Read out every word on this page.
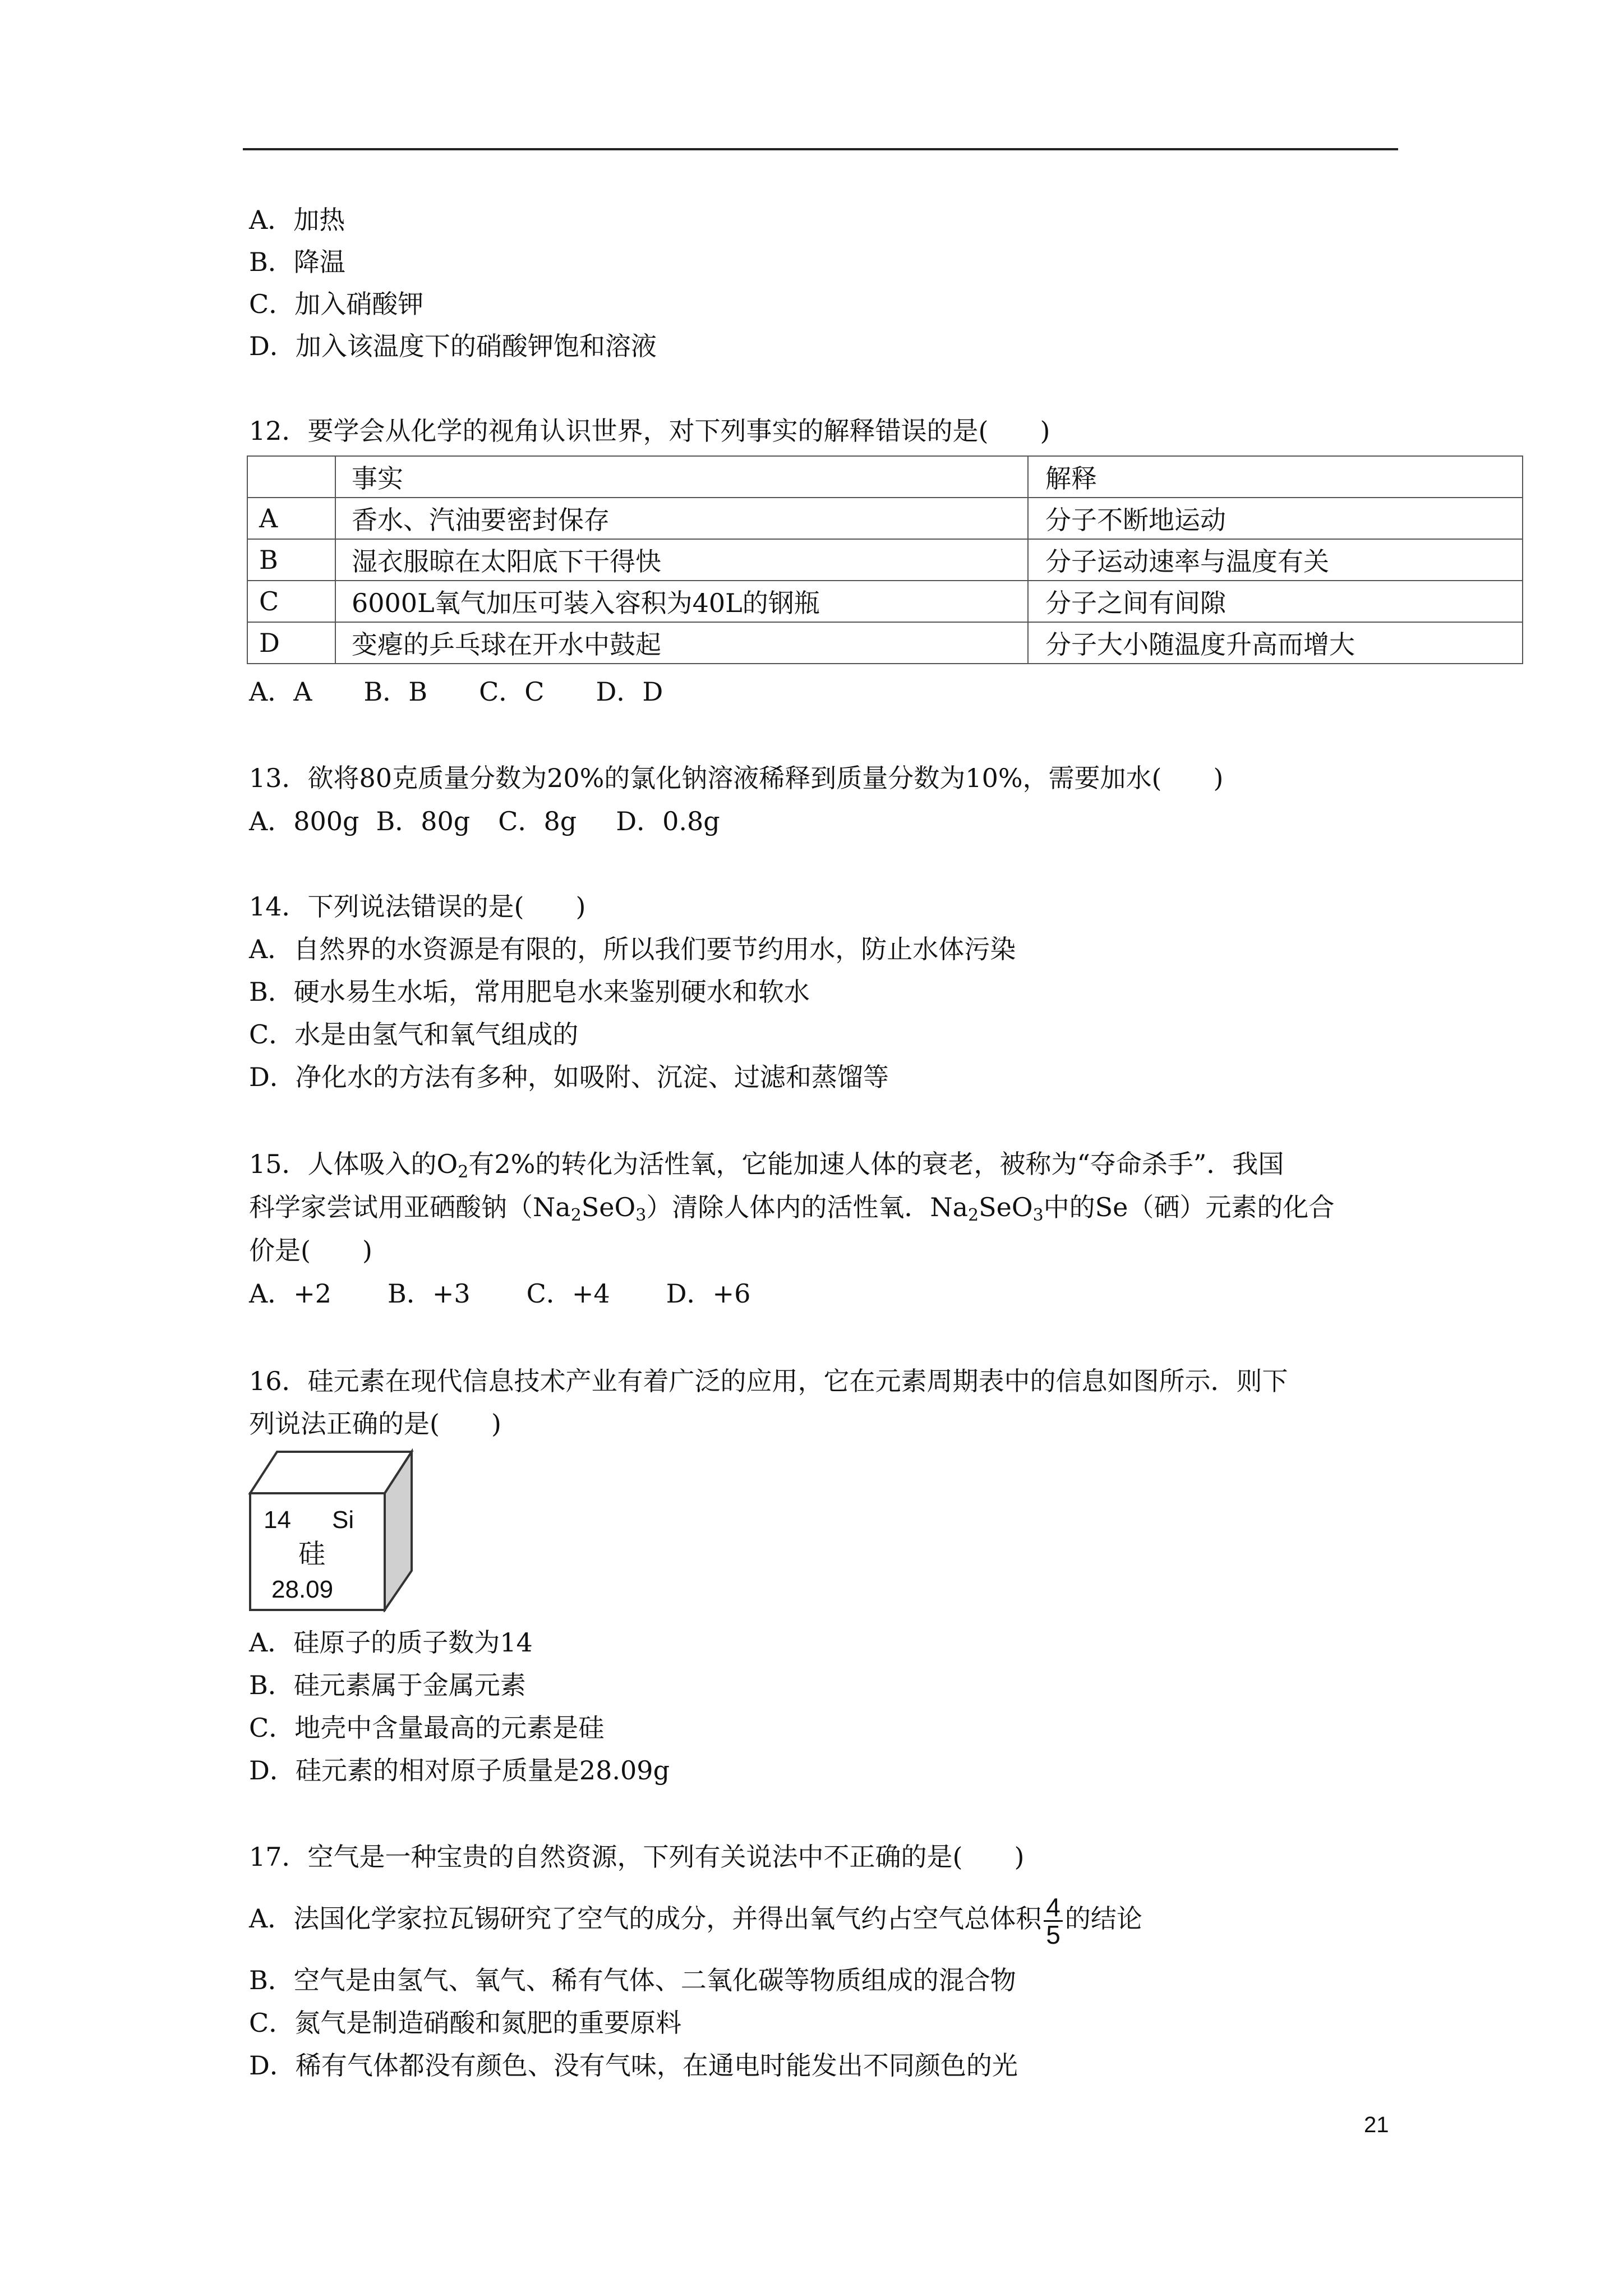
A．加热
B．降温
C．加入硝酸钾
D．加入该温度下的硝酸钾饱和溶液
12．要学会从化学的视角认识世界，对下列事实的解释错误的是(　　)
	事实	解释
A	香水、汽油要密封保存	分子不断地运动
B	湿衣服晾在太阳底下干得快	分子运动速率与温度有关
C	6000L氧气加压可装入容积为40L的钢瓶	分子之间有间隙
D	变瘪的乒乓球在开水中鼓起	分子大小随温度升高而增大
A．A B．B C．C D．D
13．欲将80克质量分数为20%的氯化钠溶液稀释到质量分数为10%，需要加水(　　)
A．800g B．80g C．8g D．0.8g
14．下列说法错误的是(　　)
A．自然界的水资源是有限的，所以我们要节约用水，防止水体污染
B．硬水易生水垢，常用肥皂水来鉴别硬水和软水
C．水是由氢气和氧气组成的
D．净化水的方法有多种，如吸附、沉淀、过滤和蒸馏等
15．人体吸入的$O_2$有2%的转化为活性氧，它能加速人体的衰老，被称为“夺命杀手”．我国
科学家尝试用亚硒酸钠$(Na_2SeO_3)$清除人体内的活性氧．$Na_2SeO_3$中的Se（硒）元素的化合
价是(　　)
A．+2 B．+3 C．+4 D．+6
16．硅元素在现代信息技术产业有着广泛的应用，它在元素周期表中的信息如图所示．则下
列说法正确的是(　　)
14 Si
硅
28.09
A．硅原子的质子数为14
B．硅元素属于金属元素
C．地壳中含量最高的元素是硅
D．硅元素的相对原子质量是28.09g
17．空气是一种宝贵的自然资源，下列有关说法中不正确的是(　　)
A．法国化学家拉瓦锡研究了空气的成分，并得出氧气约占空气总体积 $\frac{4}{5}$ 的结论
B．空气是由氢气、氧气、稀有气体、二氧化碳等物质组成的混合物
C．氮气是制造硝酸和氮肥的重要原料
D．稀有气体都没有颜色、没有气味，在通电时能发出不同颜色的光
21
